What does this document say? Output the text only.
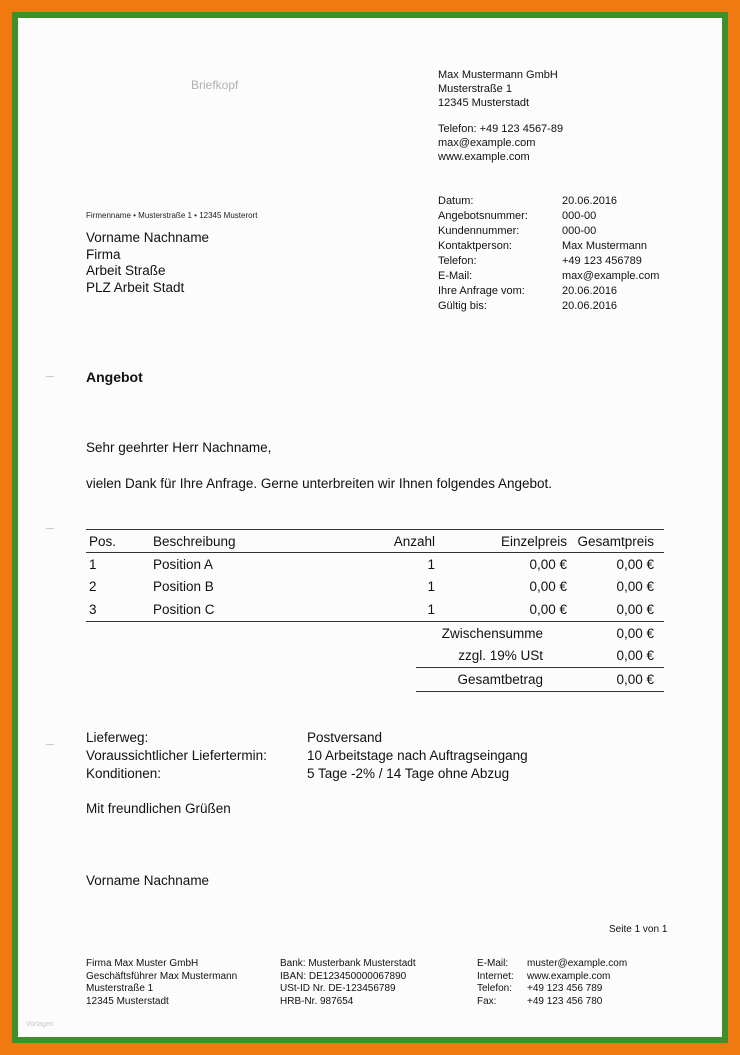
Briefkopf
Max Mustermann GmbH
Musterstraße 1
12345 Musterstadt
Telefon: +49 123 4567-89
max@example.com
www.example.com
Firmenname • Musterstraße 1 • 12345 Musterort
Vorname Nachname
Firma
Arbeit Straße
PLZ Arbeit Stadt
Datum:	20.06.2016
Angebotsnummer:	000-00
Kundennummer:	000-00
Kontaktperson:	Max Mustermann
Telefon:	+49 123 456789
E-Mail:	max@example.com
Ihre Anfrage vom:	20.06.2016
Gültig bis:	20.06.2016
Angebot
Sehr geehrter Herr Nachname,
vielen Dank für Ihre Anfrage. Gerne unterbreiten wir Ihnen folgendes Angebot.
Pos.	Beschreibung	Anzahl	Einzelpreis	Gesamtpreis
1	Position A	1	0,00 €	0,00 €
2	Position B	1	0,00 €	0,00 €
3	Position C	1	0,00 €	0,00 €
Zwischensumme	0,00 €
zzgl. 19% USt	0,00 €
Gesamtbetrag	0,00 €
Lieferweg:	Postversand
Voraussichtlicher Liefertermin:	10 Arbeitstage nach Auftragseingang
Konditionen:	5 Tage -2% / 14 Tage ohne Abzug
Mit freundlichen Grüßen
Vorname Nachname
Seite 1 von 1
Firma Max Muster GmbH
Geschäftsführer Max Mustermann
Musterstraße 1
12345 Musterstadt
Bank: Musterbank Musterstadt
IBAN: DE123450000067890
USt-ID Nr. DE-123456789
HRB-Nr. 987654
E-Mail:	muster@example.com
Internet:	www.example.com
Telefon:	+49 123 456 789
Fax:	+49 123 456 780
Vorlagen
